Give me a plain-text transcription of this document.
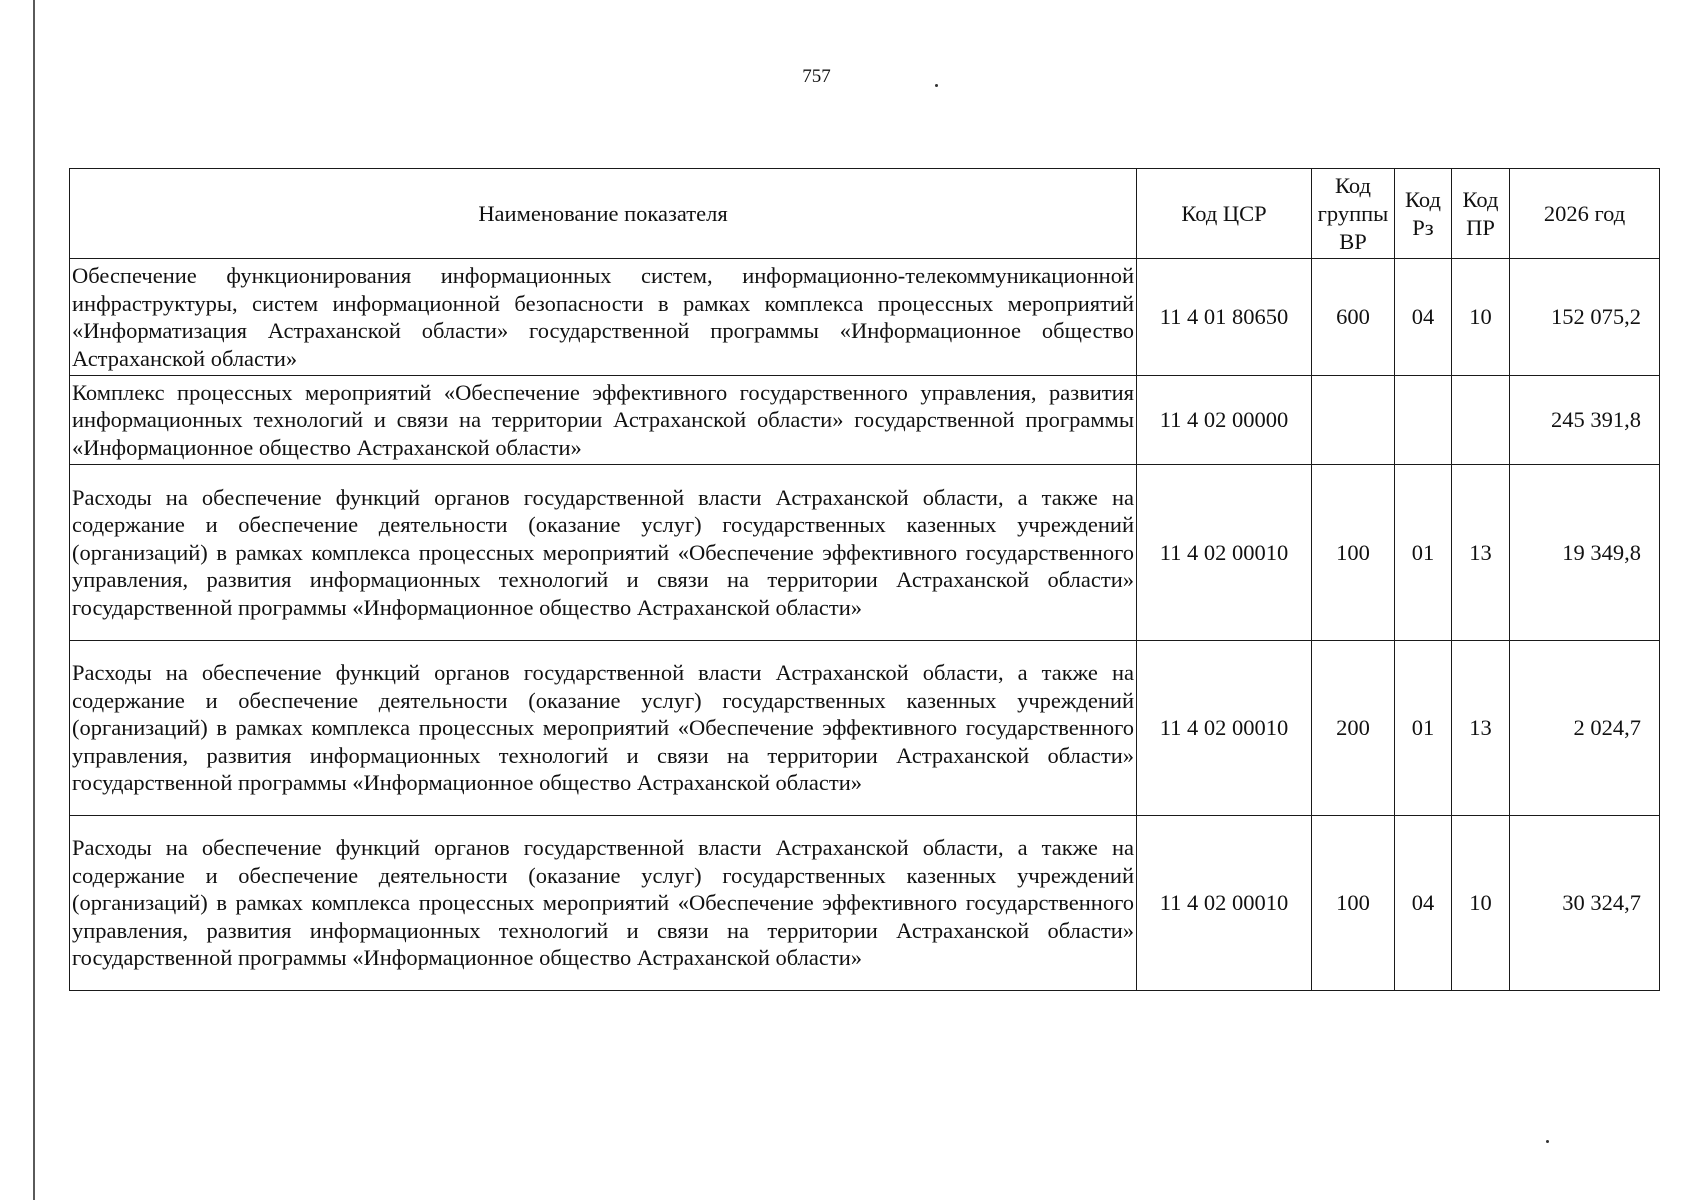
757
Наименование показателя	Код ЦСР	Код группы ВР	Код Рз	Код ПР	2026 год
Обеспечение функционирования информационных систем, информационно-телекоммуникационной инфраструктуры, систем информационной безопасности в рамках комплекса процессных мероприятий «Информатизация Астраханской области» государственной программы «Информационное общество Астраханской области»	11 4 01 80650	600	04	10	152 075,2
Комплекс процессных мероприятий «Обеспечение эффективного государственного управления, развития информационных технологий и связи на территории Астраханской области» государственной программы «Информационное общество Астраханской области»	11 4 02 00000				245 391,8
Расходы на обеспечение функций органов государственной власти Астраханской области, а также на содержание и обеспечение деятельности (оказание услуг) государственных казенных учреждений (организаций) в рамках комплекса процессных мероприятий «Обеспечение эффективного государственного управления, развития информационных технологий и связи на территории Астраханской области» государственной программы «Информационное общество Астраханской области»	11 4 02 00010	100	01	13	19 349,8
Расходы на обеспечение функций органов государственной власти Астраханской области, а также на содержание и обеспечение деятельности (оказание услуг) государственных казенных учреждений (организаций) в рамках комплекса процессных мероприятий «Обеспечение эффективного государственного управления, развития информационных технологий и связи на территории Астраханской области» государственной программы «Информационное общество Астраханской области»	11 4 02 00010	200	01	13	2 024,7
Расходы на обеспечение функций органов государственной власти Астраханской области, а также на содержание и обеспечение деятельности (оказание услуг) государственных казенных учреждений (организаций) в рамках комплекса процессных мероприятий «Обеспечение эффективного государственного управления, развития информационных технологий и связи на территории Астраханской области» государственной программы «Информационное общество Астраханской области»	11 4 02 00010	100	04	10	30 324,7
